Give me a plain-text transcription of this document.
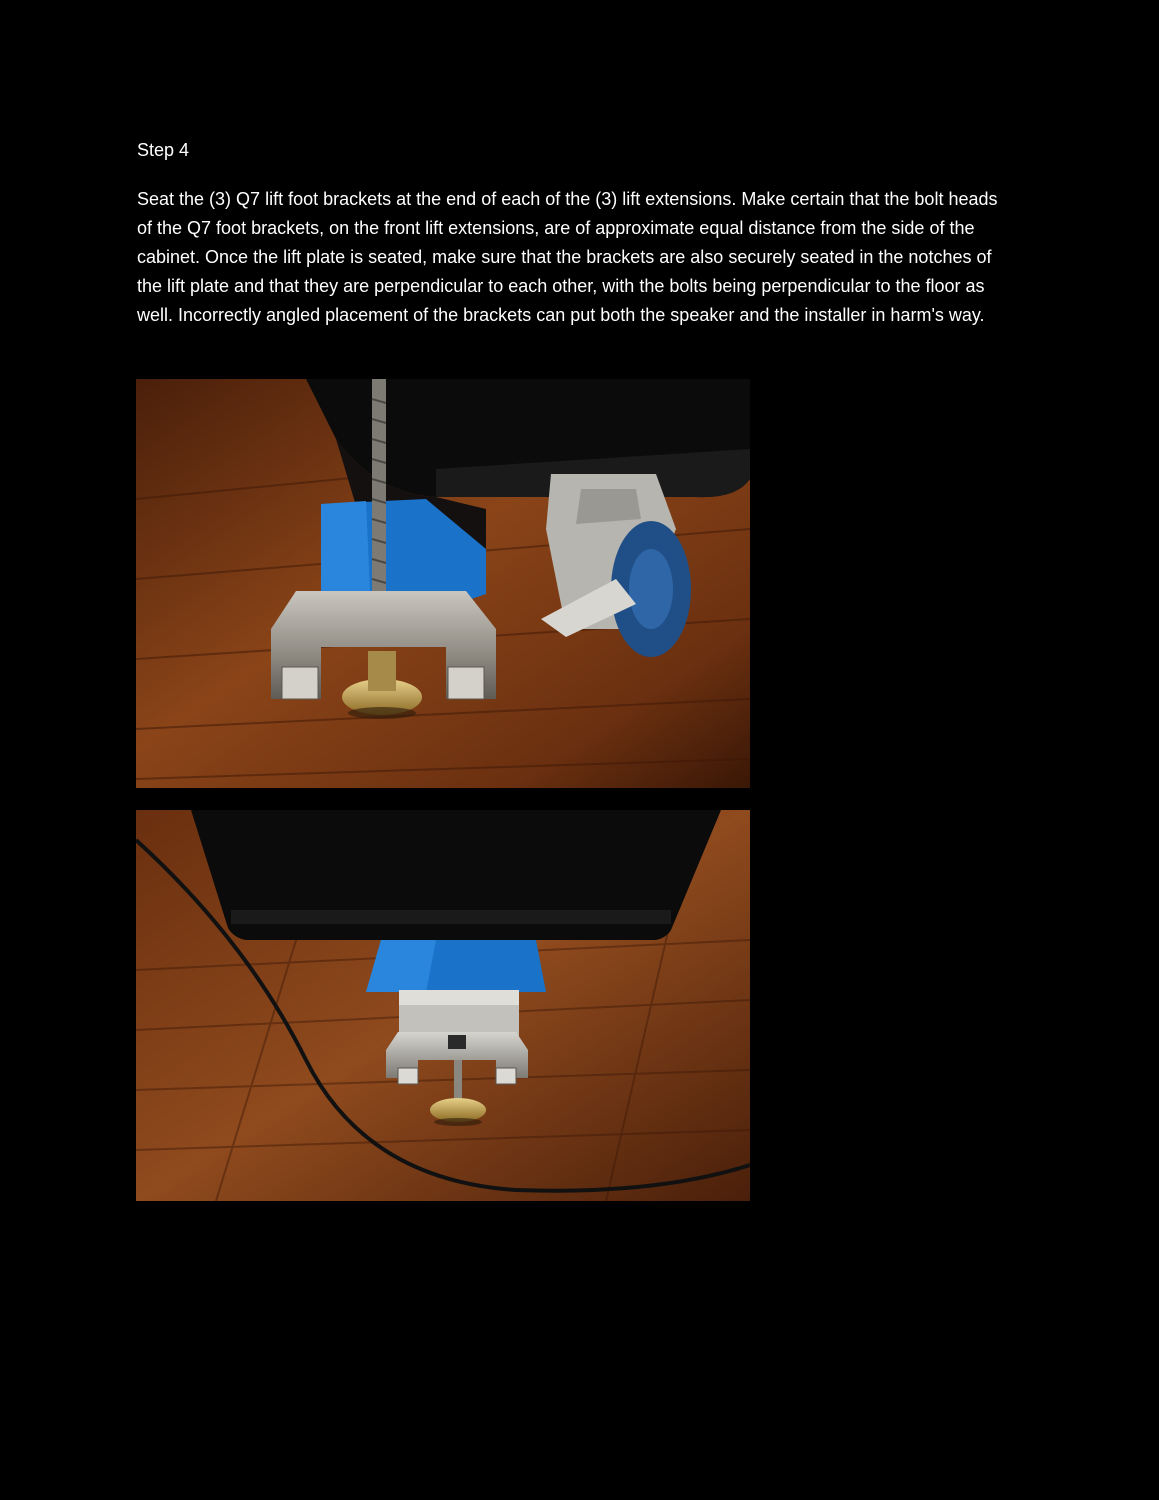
Step 4

Seat the (3) Q7 lift foot brackets at the end of each of the (3) lift extensions. Make certain that the bolt heads of the Q7 foot brackets, on the front lift extensions, are of approximate equal distance from the side of the cabinet. Once the lift plate is seated, make sure that the brackets are also securely seated in the notches of the lift plate and that they are perpendicular to each other, with the bolts being perpendicular to the floor as well. Incorrectly angled placement of the brackets can put both the speaker and the installer in harm's way.
